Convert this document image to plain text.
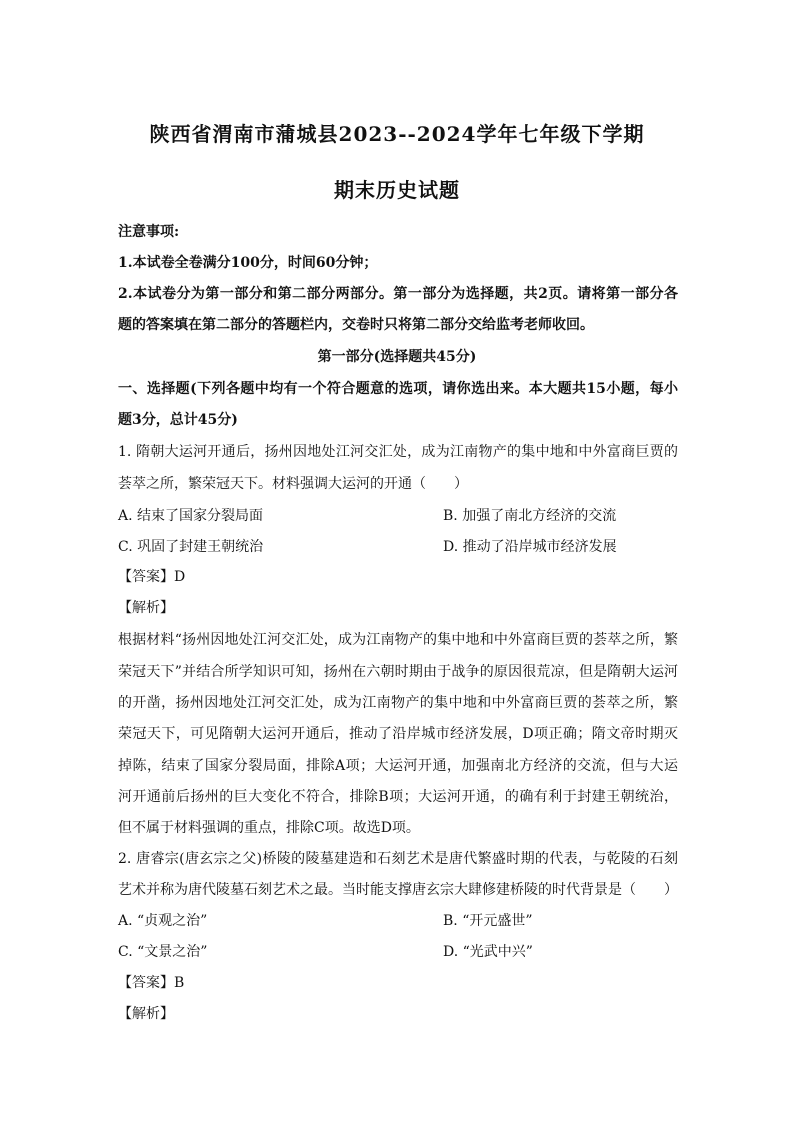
陕西省渭南市蒲城县2023--2024学年七年级下学期
期末历史试题
注意事项:
1.本试卷全卷满分100分，时间60分钟；
2.本试卷分为第一部分和第二部分两部分。第一部分为选择题，共2页。请将第一部分各
题的答案填在第二部分的答题栏内，交卷时只将第二部分交给监考老师收回。
第一部分(选择题共45分)
一、选择题(下列各题中均有一个符合题意的选项，请你选出来。本大题共15小题，每小
题3分，总计45分)
1. 隋朝大运河开通后，扬州因地处江河交汇处，成为江南物产的集中地和中外富商巨贾的
荟萃之所，繁荣冠天下。材料强调大运河的开通（　　）
A. 结束了国家分裂局面	B. 加强了南北方经济的交流
C. 巩固了封建王朝统治	D. 推动了沿岸城市经济发展
【答案】D
【解析】
根据材料“扬州因地处江河交汇处，成为江南物产的集中地和中外富商巨贾的荟萃之所，繁
荣冠天下”并结合所学知识可知，扬州在六朝时期由于战争的原因很荒凉，但是隋朝大运河
的开凿，扬州因地处江河交汇处，成为江南物产的集中地和中外富商巨贾的荟萃之所，繁
荣冠天下，可见隋朝大运河开通后，推动了沿岸城市经济发展，D项正确；隋文帝时期灭
掉陈，结束了国家分裂局面，排除A项；大运河开通，加强南北方经济的交流，但与大运
河开通前后扬州的巨大变化不符合，排除B项；大运河开通，的确有利于封建王朝统治，
但不属于材料强调的重点，排除C项。故选D项。
2. 唐睿宗(唐玄宗之父)桥陵的陵墓建造和石刻艺术是唐代繁盛时期的代表，与乾陵的石刻
艺术并称为唐代陵墓石刻艺术之最。当时能支撑唐玄宗大肆修建桥陵的时代背景是（　　）
A. “贞观之治”	B. “开元盛世”
C. “文景之治”	D. “光武中兴”
【答案】B
【解析】
